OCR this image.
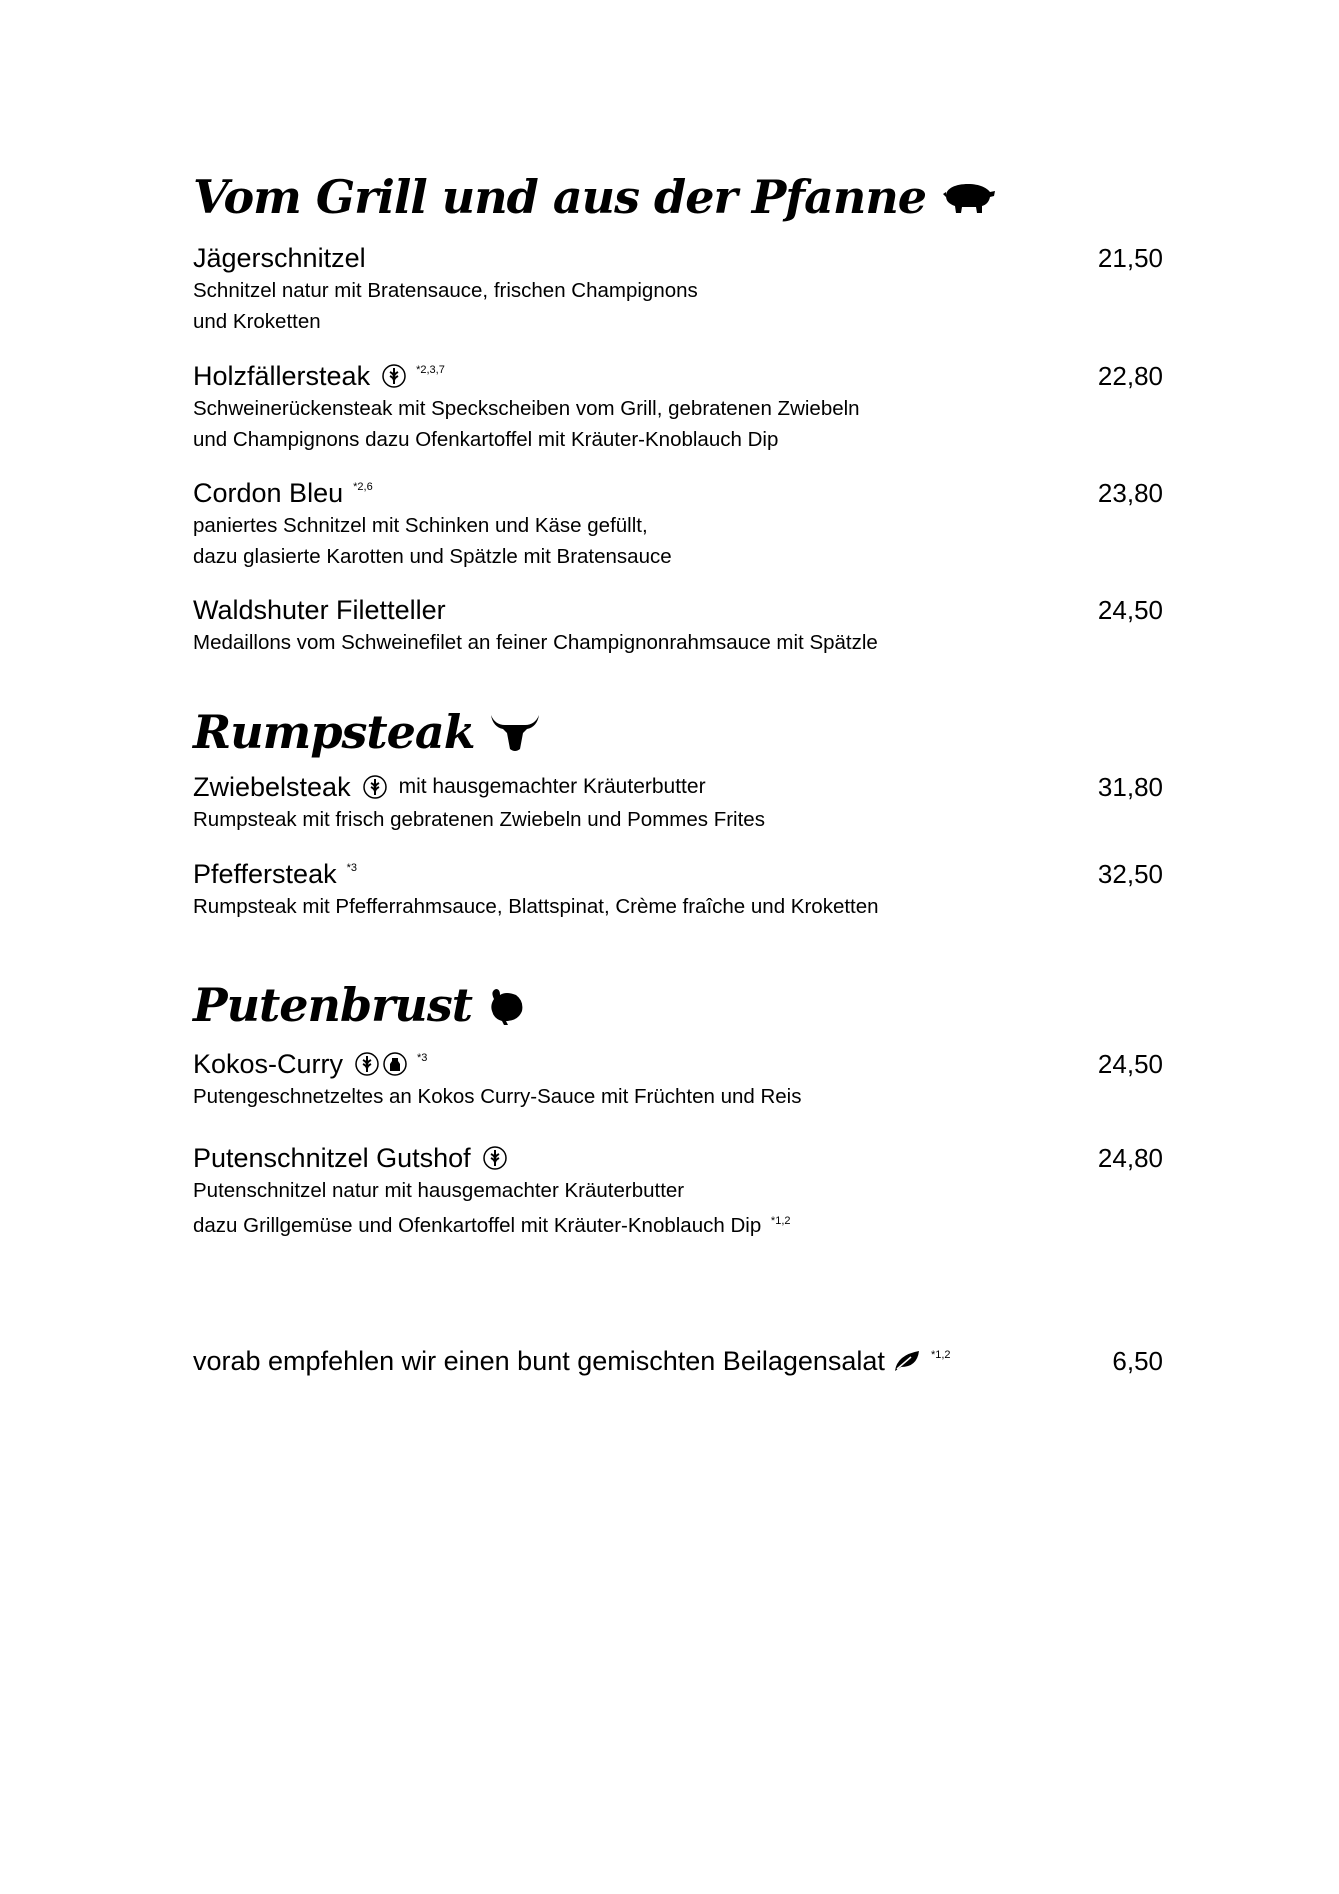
Vom Grill und aus der Pfanne
Jägerschnitzel	21,50
Schnitzel natur mit Bratensauce, frischen Champignons
und Kroketten
Holzfällersteak	*2,3,7	22,80
Schweinerückensteak mit Speckscheiben vom Grill, gebratenen Zwiebeln
und Champignons dazu Ofenkartoffel mit Kräuter-Knoblauch Dip
Cordon Bleu *2,6	23,80
paniertes Schnitzel mit Schinken und Käse gefüllt,
dazu glasierte Karotten und Spätzle mit Bratensauce
Waldshuter Filetteller	24,50
Medaillons vom Schweinefilet an feiner Champignonrahmsauce mit Spätzle
Rumpsteak
Zwiebelsteak mit hausgemachter Kräuterbutter	31,80
Rumpsteak mit frisch gebratenen Zwiebeln und Pommes Frites
Pfeffersteak *3	32,50
Rumpsteak mit Pfefferrahmsauce, Blattspinat, Crème fraîche und Kroketten
Putenbrust
Kokos-Curry	*3	24,50
Putengeschnetzeltes an Kokos Curry-Sauce mit Früchten und Reis
Putenschnitzel Gutshof	24,80
Putenschnitzel natur mit hausgemachter Kräuterbutter
dazu Grillgemüse und Ofenkartoffel mit Kräuter-Knoblauch Dip $^{*1,2}$
vorab empfehlen wir einen bunt gemischten Beilagensalat	*1,2	6,50
